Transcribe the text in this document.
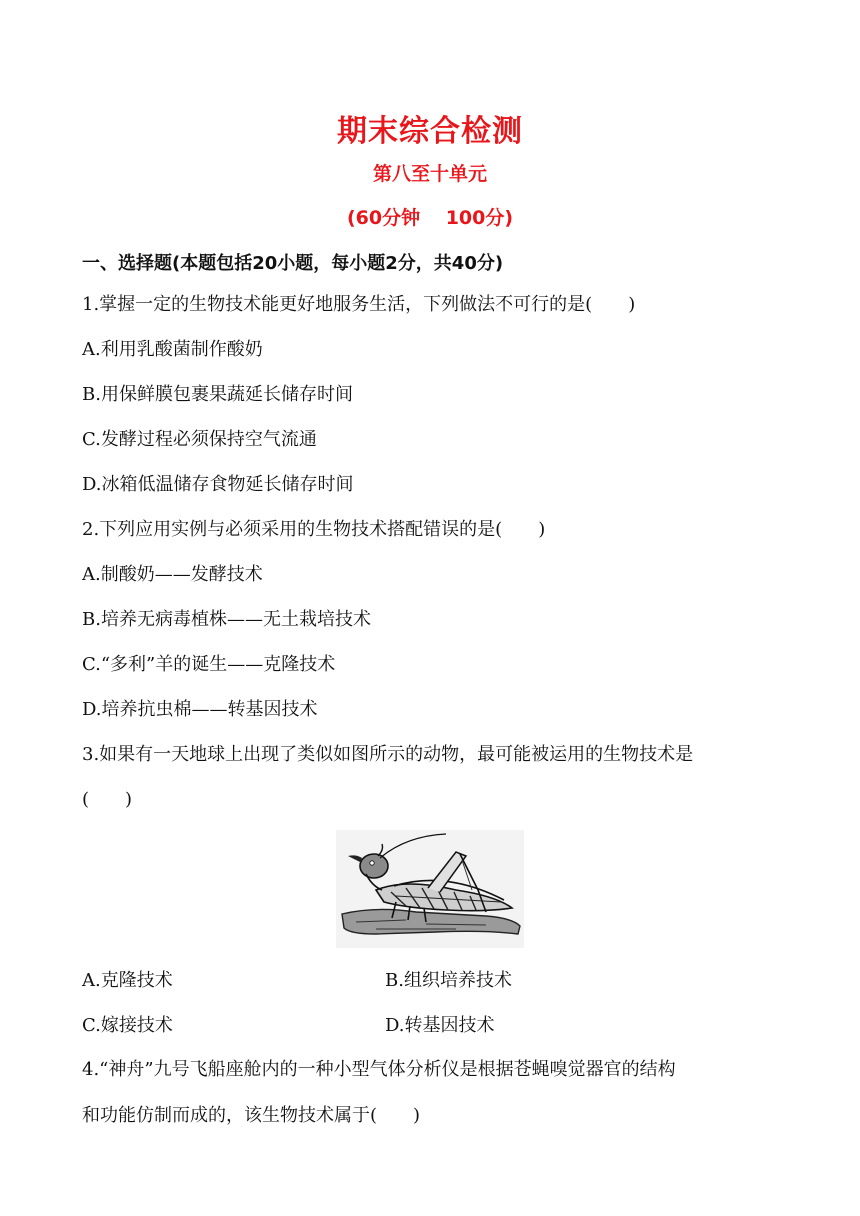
期末综合检测
第八至十单元
(60分钟　 100分)
一、选择题(本题包括20小题，每小题2分，共40分)
1.掌握一定的生物技术能更好地服务生活，下列做法不可行的是(　　)
A.利用乳酸菌制作酸奶
B.用保鲜膜包裹果蔬延长储存时间
C.发酵过程必须保持空气流通
D.冰箱低温储存食物延长储存时间
2.下列应用实例与必须采用的生物技术搭配错误的是(　　)
A.制酸奶——发酵技术
B.培养无病毒植株——无土栽培技术
C.“多利”羊的诞生——克隆技术
D.培养抗虫棉——转基因技术
3.如果有一天地球上出现了类似如图所示的动物，最可能被运用的生物技术是
(　　)
A.克隆技术	B.组织培养技术
C.嫁接技术	D.转基因技术
4.“神舟”九号飞船座舱内的一种小型气体分析仪是根据苍蝇嗅觉器官的结构
和功能仿制而成的，该生物技术属于(　　)
